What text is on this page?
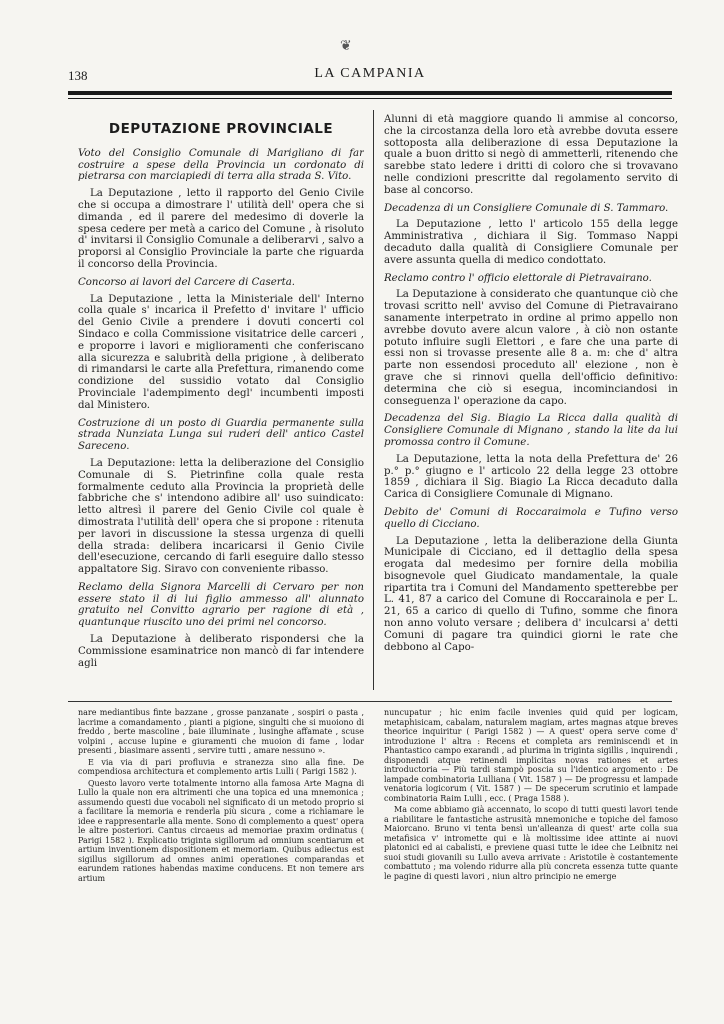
❦
138	LA CAMPANIA
DEPUTAZIONE PROVINCIALE
Voto del Consiglio Comunale di Marigliano di far costruire a spese della Provincia un cordonato di pietrarsa con marciapiedi di terra alla strada S. Vito.

La Deputazione , letto il rapporto del Genio Civile che si occupa a dimostrare l' utilità dell' opera che si dimanda , ed il parere del medesimo di doverle la spesa cedere per metà a carico del Comune , à risoluto d' invitarsi il Consiglio Comunale a deliberarvi , salvo a proporsi al Consiglio Provinciale la parte che riguarda il concorso della Provincia.

Concorso ai lavori del Carcere di Caserta.

La Deputazione , letta la Ministeriale dell' Interno colla quale s' incarica il Prefetto d' invitare l' ufficio del Genio Civile a prendere i dovuti concerti col Sindaco e colla Commissione visitatrice delle carceri , e proporre i lavori e miglioramenti che conferiscano alla sicurezza e salubrità della prigione , à deliberato di rimandarsi le carte alla Prefettura, rimanendo come condizione del sussidio votato dal Consiglio Provinciale l'adempimento degl' incumbenti imposti dal Ministero.

Costruzione di un posto di Guardia permanente sulla strada Nunziata Lunga sui ruderi dell' antico Castel Sareceno.

La Deputazione: letta la deliberazione del Consiglio Comunale di S. Pietrinfine colla quale resta formalmente ceduto alla Provincia la proprietà delle fabbriche che s' intendono adibire all' uso suindicato: letto altresì il parere del Genio Civile col quale è dimostrata l'utilità dell' opera che si propone : ritenuta per lavori in discussione la stessa urgenza di quelli della strada: delibera incaricarsi il Genio Civile dell'esecuzione, cercando di farli eseguire dallo stesso appaltatore Sig. Siravo con conveniente ribasso.

Reclamo della Signora Marcelli di Cervaro per non essere stato il di lui figlio ammesso all' alunnato gratuito nel Convitto agrario per ragione di età , quantunque riuscito uno dei primi nel concorso.

La Deputazione à deliberato rispondersi che la Commissione esaminatrice non mancò di far intendere agli

Alunni di età maggiore quando li ammise al concorso, che la circostanza della loro età avrebbe dovuta essere sottoposta alla deliberazione di essa Deputazione la quale a buon dritto si negò di ammetterli, ritenendo che sarebbe stato ledere i dritti di coloro che si trovavano nelle condizioni prescritte dal regolamento servito di base al concorso.

Decadenza di un Consigliere Comunale di S. Tammaro.

La Deputazione , letto l' articolo 155 della legge Amministrativa , dichiara il Sig. Tommaso Nappi decaduto dalla qualità di Consigliere Comunale per avere assunta quella di medico condottato.

Reclamo contro l' officio elettorale di Pietravairano.

La Deputazione à considerato che quantunque ciò che trovasi scritto nell' avviso del Comune di Pietravairano sanamente interpetrato in ordine al primo appello non avrebbe dovuto avere alcun valore , à ciò non ostante potuto influire sugli Elettori , e fare che una parte di essi non si trovasse presente alle 8 a. m: che d' altra parte non essendosi proceduto all' elezione , non è grave che si rinnovi quella dell'officio definitivo: determina che ciò si esegua, incominciandosi in conseguenza l' operazione da capo.

Decadenza del Sig. Biagio La Ricca dalla qualità di Consigliere Comunale di Mignano , stando la lite da lui promossa contro il Comune.

La Deputazione, letta la nota della Prefettura de' 26 p.° p.° giugno e l' articolo 22 della legge 23 ottobre 1859 , dichiara il Sig. Biagio La Ricca decaduto dalla Carica di Consigliere Comunale di Mignano.

Debito de' Comuni di Roccaraimola e Tufino verso quello di Cicciano.

La Deputazione , letta la deliberazione della Giunta Municipale di Cicciano, ed il dettaglio della spesa erogata dal medesimo per fornire della mobilia bisognevole quel Giudicato mandamentale, la quale ripartita tra i Comuni del Mandamento spetterebbe per L. 41, 87 a carico del Comune di Roccarainola e per L. 21, 65 a carico di quello di Tufino, somme che finora non anno voluto versare ; delibera d' inculcarsi a' detti Comuni di pagare tra quindici giorni le rate che debbono al Capo-

nare mediantibus finte bazzane , grosse panzanate , sospiri o pasta , lacrime a comandamento , pianti a pigione, singulti che si muoiono di freddo , berte mascoline , baie illuminate , lusinghe affamate , scuse volpini , accuse lupine e giuramenti che muoion di fame , lodar presenti , biasimare assenti , servire tutti , amare nessuno ».

E via via di pari profluvia e stranezza sino alla fine. De compendiosa architectura et complemento artis Lulli ( Parigi 1582 ).

Questo lavoro verte totalmente intorno alla famosa Arte Magna di Lullo la quale non era altrimenti che una topica ed una mnemonica ; assumendo questi due vocaboli nel significato di un metodo proprio si a facilitare la memoria e renderla più sicura , come a richiamare le idee e rappresentarle alla mente. Sono di complemento a quest' opera le altre posteriori. Cantus circaeus ad memoriae praxim ordinatus ( Parigi 1582 ). Explicatio triginta sigillorum ad omnium scentiarum et artium inventionem dispositionem et memoriam. Quibus adiectus est sigillus sigillorum ad omnes animi operationes comparandas et earundem rationes habendas maxime conducens. Et non temere ars artium

nuncupatur ; hic enim facile invenies quid quid per logicam, metaphisicam, cabalam, naturalem magiam, artes magnas atque breves theorice inquiritur ( Parigi 1582 ) — A quest' opera serve come d' introduzione l' altra : Recens et completa ars reminiscendi et in Phantastico campo exarandi , ad plurima in triginta sigillis , inquirendi , disponendi atque retinendi implicitas novas rationes et artes introductoria — Più tardi stampò poscia su l'identico argomento : De lampade combinatoria Lulliana ( Vit. 1587 ) — De progressu et lampade venatoria logicorum ( Vit. 1587 ) — De specerum scrutinio et lampade combinatoria Raim Lulli , ecc. ( Praga 1588 ).

Ma come abbiamo già accennato, lo scopo di tutti questi lavori tende a riabilitare le fantastiche astrusità mnemoniche e topiche del famoso Maiorcano. Bruno vi tenta bensì un'alleanza di quest' arte colla sua metafisica v' intromette qui e là moltissime idee attinte ai nuovi platonici ed ai cabalisti, e previene quasi tutte le idee che Leibnitz nei suoi studi giovanili su Lullo aveva arrivate : Aristotile è costantemente combattuto ; ma volendo ridurre alla più concreta essenza tutte quante le pagine di questi lavori , niun altro principio ne emerge
